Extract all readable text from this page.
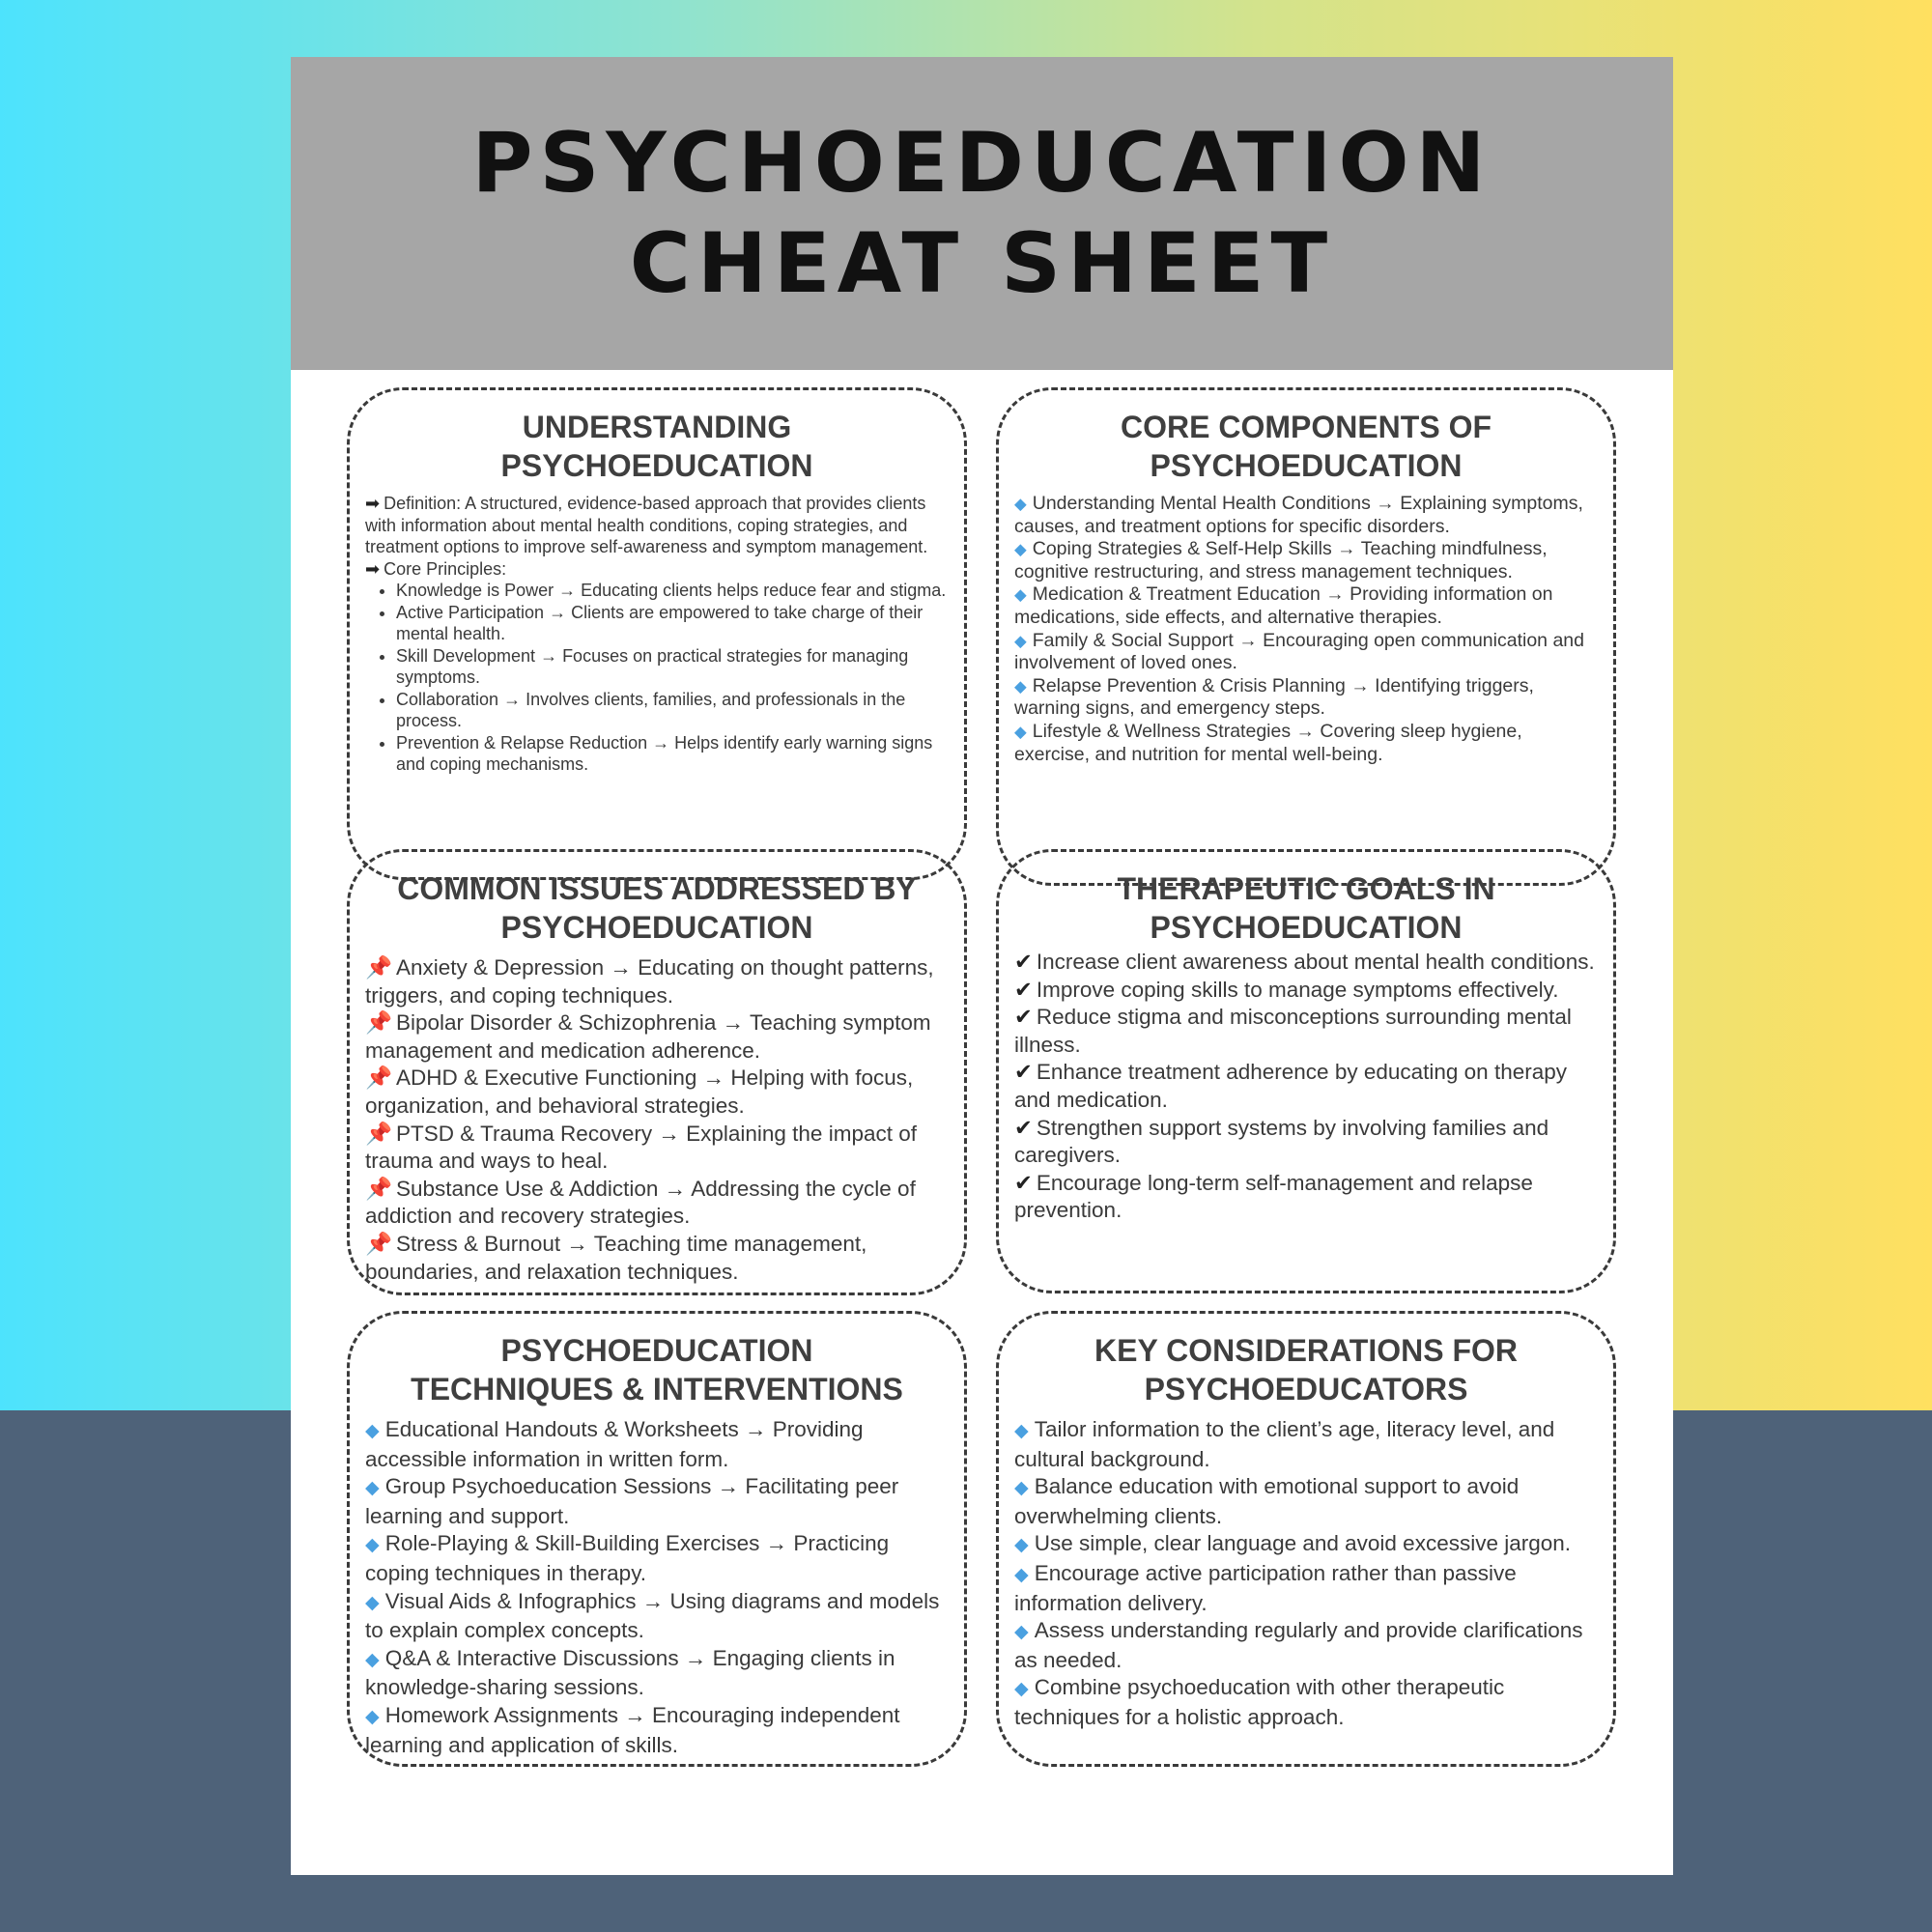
PSYCHOEDUCATION
CHEAT SHEET
UNDERSTANDING
PSYCHOEDUCATION

➡ Definition: A structured, evidence-based approach that provides clients with information about mental health conditions, coping strategies, and treatment options to improve self-awareness and symptom management.

➡ Core Principles:

• Knowledge is Power → Educating clients helps reduce fear and stigma.
• Active Participation → Clients are empowered to take charge of their mental health.
• Skill Development → Focuses on practical strategies for managing symptoms.
• Collaboration → Involves clients, families, and professionals in the process.
• Prevention & Relapse Reduction → Helps identify early warning signs and coping mechanisms.
CORE COMPONENTS OF
PSYCHOEDUCATION

◆ Understanding Mental Health Conditions → Explaining symptoms, causes, and treatment options for specific disorders.

◆ Coping Strategies & Self-Help Skills → Teaching mindfulness, cognitive restructuring, and stress management techniques.

◆ Medication & Treatment Education → Providing information on medications, side effects, and alternative therapies.

◆ Family & Social Support → Encouraging open communication and involvement of loved ones.

◆ Relapse Prevention & Crisis Planning → Identifying triggers, warning signs, and emergency steps.

◆ Lifestyle & Wellness Strategies → Covering sleep hygiene, exercise, and nutrition for mental well-being.

COMMON ISSUES ADDRESSED BY
PSYCHOEDUCATION

📌 Anxiety & Depression → Educating on thought patterns, triggers, and coping techniques.

📌 Bipolar Disorder & Schizophrenia → Teaching symptom management and medication adherence.

📌 ADHD & Executive Functioning → Helping with focus, organization, and behavioral strategies.

📌 PTSD & Trauma Recovery → Explaining the impact of trauma and ways to heal.

📌 Substance Use & Addiction → Addressing the cycle of addiction and recovery strategies.

📌 Stress & Burnout → Teaching time management, boundaries, and relaxation techniques.

THERAPEUTIC GOALS IN
PSYCHOEDUCATION

✔ Increase client awareness about mental health conditions.

✔ Improve coping skills to manage symptoms effectively.

✔ Reduce stigma and misconceptions surrounding mental illness.

✔ Enhance treatment adherence by educating on therapy and medication.

✔ Strengthen support systems by involving families and caregivers.

✔ Encourage long-term self-management and relapse prevention.

PSYCHOEDUCATION
TECHNIQUES & INTERVENTIONS

◆ Educational Handouts & Worksheets → Providing accessible information in written form.

◆ Group Psychoeducation Sessions → Facilitating peer learning and support.

◆ Role-Playing & Skill-Building Exercises → Practicing coping techniques in therapy.

◆ Visual Aids & Infographics → Using diagrams and models to explain complex concepts.

◆ Q&A & Interactive Discussions → Engaging clients in knowledge-sharing sessions.

◆ Homework Assignments → Encouraging independent learning and application of skills.

KEY CONSIDERATIONS FOR
PSYCHOEDUCATORS

◆ Tailor information to the client’s age, literacy level, and cultural background.

◆ Balance education with emotional support to avoid overwhelming clients.

◆ Use simple, clear language and avoid excessive jargon.

◆ Encourage active participation rather than passive information delivery.

◆ Assess understanding regularly and provide clarifications as needed.

◆ Combine psychoeducation with other therapeutic techniques for a holistic approach.
